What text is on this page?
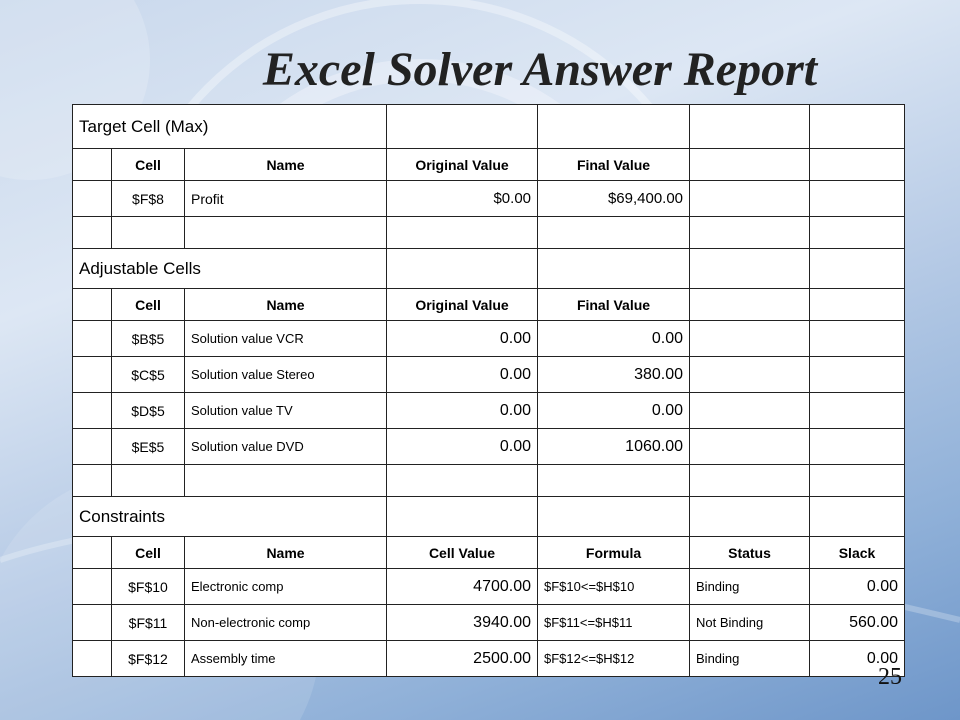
Excel Solver Answer Report
Target Cell (Max)						
	Cell	Name	Original Value	Final Value		
	$F$8	Profit	$0.00	$69,400.00		

Adjustable Cells						
	Cell	Name	Original Value	Final Value		
	$B$5	Solution value VCR	0.00	0.00		
	$C$5	Solution value Stereo	0.00	380.00		
	$D$5	Solution value TV	0.00	0.00		
	$E$5	Solution value DVD	0.00	1060.00		

Constraints						
	Cell	Name	Cell Value	Formula	Status	Slack
	$F$10	Electronic comp	4700.00	$F$10<=$H$10	Binding	0.00
	$F$11	Non-electronic comp	3940.00	$F$11<=$H$11	Not Binding	560.00
	$F$12	Assembly time	2500.00	$F$12<=$H$12	Binding	0.00
25
